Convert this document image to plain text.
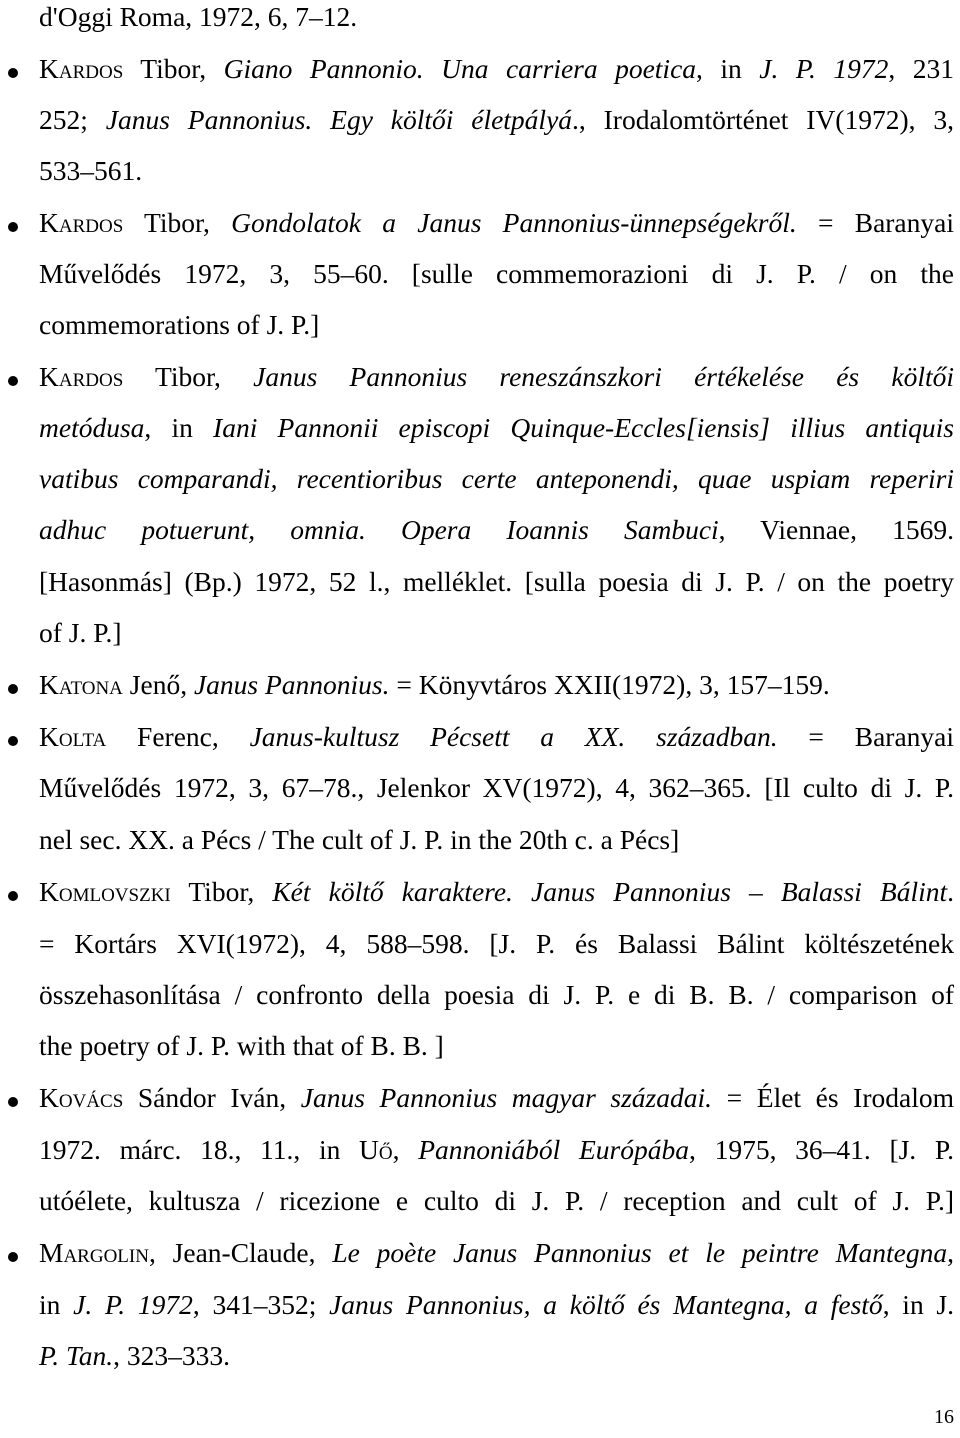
d'Oggi Roma, 1972, 6, 7–12.
Kardos Tibor, Giano Pannonio. Una carriera poetica, in J. P. 1972, 231
252; Janus Pannonius. Egy költői életpályá., Irodalomtörténet IV(1972), 3,
533–561.
Kardos Tibor, Gondolatok a Janus Pannonius-ünnepségekről. = Baranyai
Művelődés 1972, 3, 55–60. [sulle commemorazioni di J. P. / on the
commemorations of J. P.]
Kardos Tibor, Janus Pannonius reneszánszkori értékelése és költői
metódusa, in Iani Pannonii episcopi Quinque-Eccles[iensis] illius antiquis
vatibus comparandi, recentioribus certe anteponendi, quae uspiam reperiri
adhuc potuerunt, omnia. Opera Ioannis Sambuci, Viennae, 1569.
[Hasonmás] (Bp.) 1972, 52 l., melléklet. [sulla poesia di J. P. / on the poetry
of J. P.]
Katona Jenő, Janus Pannonius. = Könyvtáros XXII(1972), 3, 157–159.
Kolta Ferenc, Janus-kultusz Pécsett a XX. században. = Baranyai
Művelődés 1972, 3, 67–78., Jelenkor XV(1972), 4, 362–365. [Il culto di J. P.
nel sec. XX. a Pécs / The cult of J. P. in the 20th c. a Pécs]
Komlovszki Tibor, Két költő karaktere. Janus Pannonius – Balassi Bálint.
= Kortárs XVI(1972), 4, 588–598. [J. P. és Balassi Bálint költészetének
összehasonlítása / confronto della poesia di J. P. e di B. B. / comparison of
the poetry of J. P. with that of B. B. ]
Kovács Sándor Iván, Janus Pannonius magyar századai. = Élet és Irodalom
1972. márc. 18., 11., in Uő, Pannoniából Európába, 1975, 36–41. [J. P.
utóélete, kultusza / ricezione e culto di J. P. / reception and cult of J. P.]
Margolin, Jean-Claude, Le poète Janus Pannonius et le peintre Mantegna,
in J. P. 1972, 341–352; Janus Pannonius, a költő és Mantegna, a festő, in J.
P. Tan., 323–333.
16
